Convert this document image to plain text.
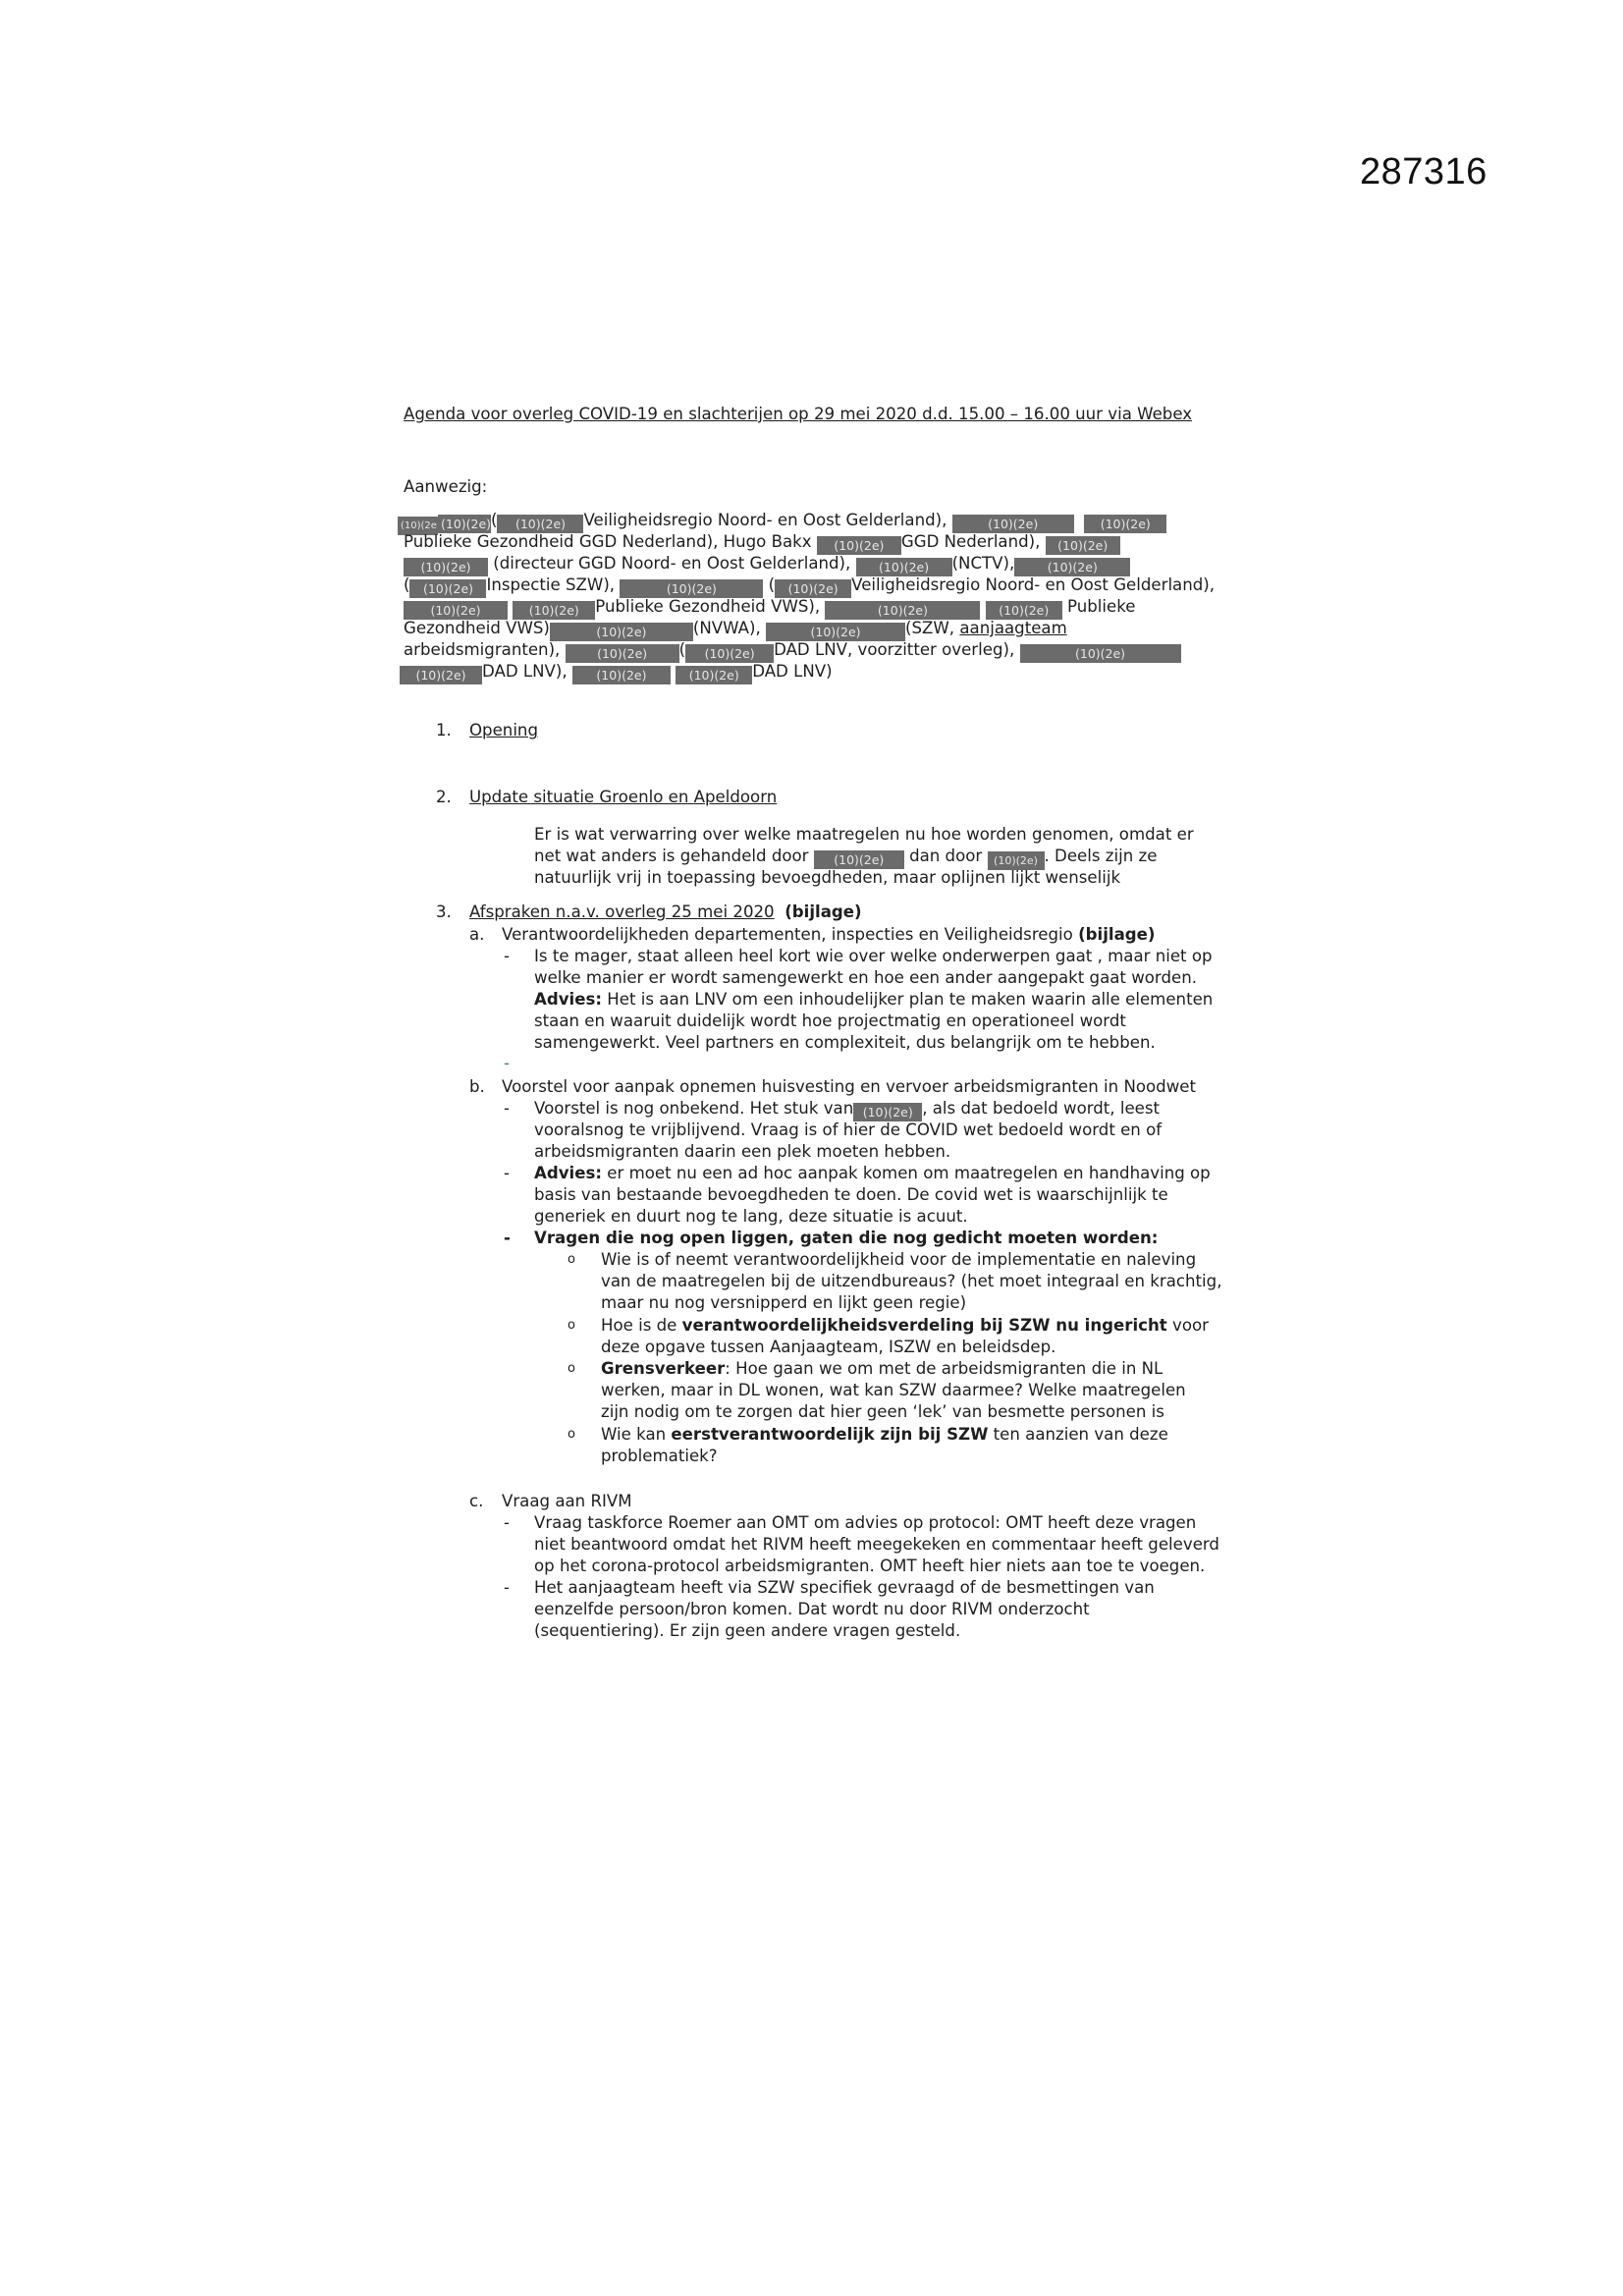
287316
Agenda voor overleg COVID-19 en slachterijen op 29 mei 2020 d.d. 15.00 – 16.00 uur via Webex
Aanwezig:
(10)(2e (10)(2e)( (10)(2e) Veiligheidsregio Noord- en Oost Gelderland),	(10)(2e)	(10)(2e)
Publieke Gezondheid GGD Nederland), Hugo Bakx (10)(2e) GGD Nederland), (10)(2e)
(10)(2e) (directeur GGD Noord- en Oost Gelderland), (10)(2e) (NCTV),	(10)(2e)
( (10)(2e) Inspectie SZW),	(10)(2e)	( (10)(2e) Veiligheidsregio Noord- en Oost Gelderland),
(10)(2e)	(10)(2e) Publieke Gezondheid VWS),	(10)(2e)	(10)(2e) Publieke
Gezondheid VWS)	(10)(2e)	(NVWA),	(10)(2e)	(SZW, aanjaagteam
arbeidsmigranten),	(10)(2e) ( (10)(2e) DAD LNV, voorzitter overleg),	(10)(2e)
(10)(2e) DAD LNV), (10)(2e)	(10)(2e) DAD LNV)
1. Opening
2. Update situatie Groenlo en Apeldoorn
Er is wat verwarring over welke maatregelen nu hoe worden genomen, omdat er
net wat anders is gehandeld door (10)(2e) dan door (10)(2e) . Deels zijn ze
natuurlijk vrij in toepassing bevoegdheden, maar oplijnen lijkt wenselijk
3. Afspraken n.a.v. overleg 25 mei 2020 (bijlage)
a. Verantwoordelijkheden departementen, inspecties en Veiligheidsregio (bijlage)
- Is te mager, staat alleen heel kort wie over welke onderwerpen gaat , maar niet op
welke manier er wordt samengewerkt en hoe een ander aangepakt gaat worden.
Advies: Het is aan LNV om een inhoudelijker plan te maken waarin alle elementen
staan en waaruit duidelijk wordt hoe projectmatig en operationeel wordt
samengewerkt. Veel partners en complexiteit, dus belangrijk om te hebben.
-
b. Voorstel voor aanpak opnemen huisvesting en vervoer arbeidsmigranten in Noodwet
- Voorstel is nog onbekend. Het stuk van (10)(2e) , als dat bedoeld wordt, leest
vooralsnog te vrijblijvend. Vraag is of hier de COVID wet bedoeld wordt en of
arbeidsmigranten daarin een plek moeten hebben.
- Advies: er moet nu een ad hoc aanpak komen om maatregelen en handhaving op
basis van bestaande bevoegdheden te doen. De covid wet is waarschijnlijk te
generiek en duurt nog te lang, deze situatie is acuut.
- Vragen die nog open liggen, gaten die nog gedicht moeten worden:
o Wie is of neemt verantwoordelijkheid voor de implementatie en naleving
van de maatregelen bij de uitzendbureaus? (het moet integraal en krachtig,
maar nu nog versnipperd en lijkt geen regie)
o Hoe is de verantwoordelijkheidsverdeling bij SZW nu ingericht voor
deze opgave tussen Aanjaagteam, ISZW en beleidsdep.
o Grensverkeer: Hoe gaan we om met de arbeidsmigranten die in NL
werken, maar in DL wonen, wat kan SZW daarmee? Welke maatregelen
zijn nodig om te zorgen dat hier geen ‘lek’ van besmette personen is
o Wie kan eerstverantwoordelijk zijn bij SZW ten aanzien van deze
problematiek?
c. Vraag aan RIVM
- Vraag taskforce Roemer aan OMT om advies op protocol: OMT heeft deze vragen
niet beantwoord omdat het RIVM heeft meegekeken en commentaar heeft geleverd
op het corona-protocol arbeidsmigranten. OMT heeft hier niets aan toe te voegen.
- Het aanjaagteam heeft via SZW specifiek gevraagd of de besmettingen van
eenzelfde persoon/bron komen. Dat wordt nu door RIVM onderzocht
(sequentiering). Er zijn geen andere vragen gesteld.
